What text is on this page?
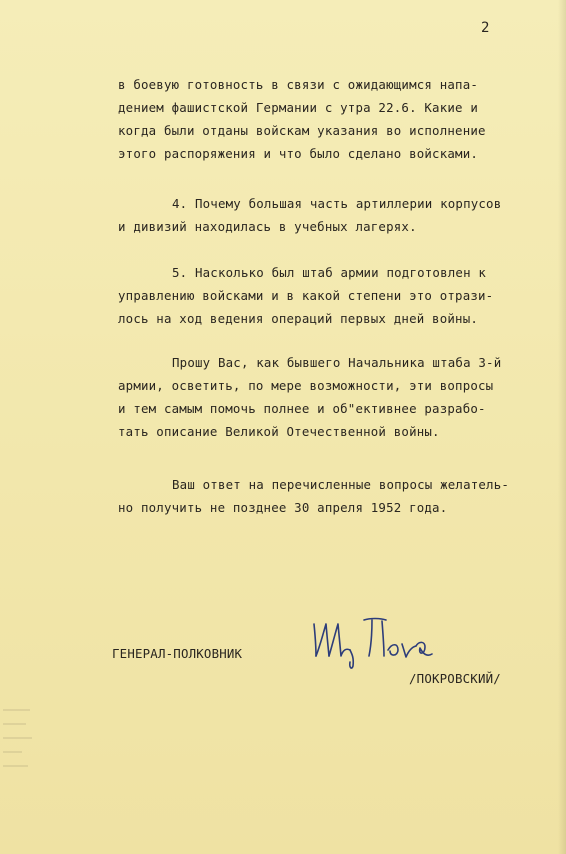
2
в боевую готовность в связи с ожидающимся напа-
дением фашистской Германии с утра 22.6. Какие и
когда были отданы войскам указания во исполнение
этого распоряжения и что было сделано войсками.
4. Почему большая часть артиллерии корпусов
и дивизий находилась в учебных лагерях.
5. Насколько был штаб армии подготовлен к
управлению войсками и в какой степени это отрази-
лось на ход ведения операций первых дней войны.
Прошу Вас, как бывшего Начальника штаба 3-й
армии, осветить, по мере возможности, эти вопросы
и тем самым помочь полнее и об"ективнее разрабо-
тать описание Великой Отечественной войны.
Ваш ответ на перечисленные вопросы желатель-
но получить не позднее 30 апреля 1952 года.
ГЕНЕРАЛ-ПОЛКОВНИК
/ПОКРОВСКИЙ/
